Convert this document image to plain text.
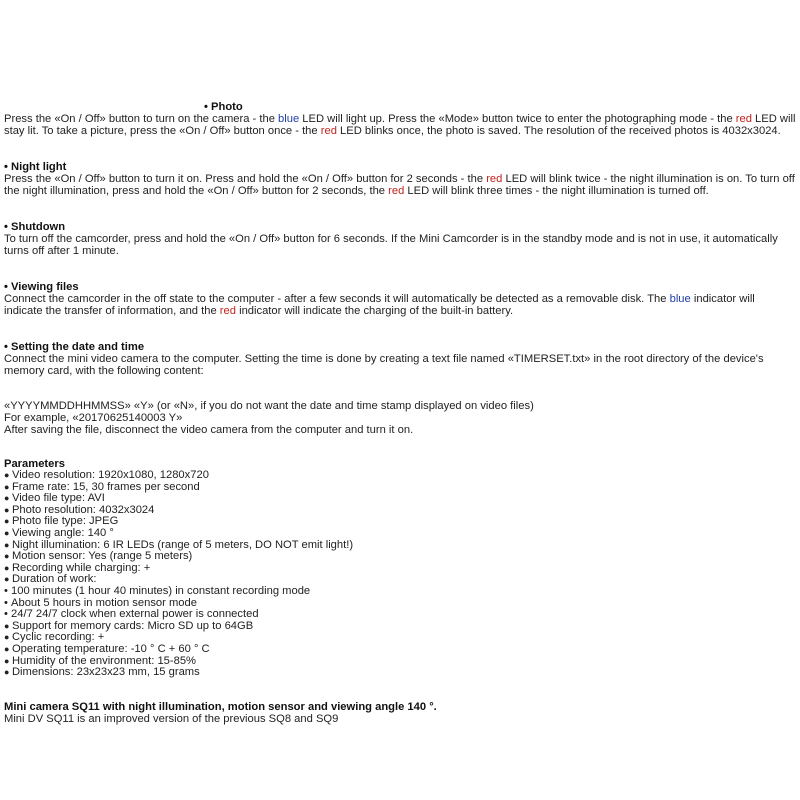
• Photo

Press the «On / Off» button to turn on the camera - the blue LED will light up. Press the «Mode» button twice to enter the photographing mode - the red LED will stay lit. To take a picture, press the «On / Off» button once - the red LED blinks once, the photo is saved. The resolution of the received photos is 4032x3024.

• Night light

Press the «On / Off» button to turn it on. Press and hold the «On / Off» button for 2 seconds - the red LED will blink twice - the night illumination is on. To turn off the night illumination, press and hold the «On / Off» button for 2 seconds, the red LED will blink three times - the night illumination is turned off.

• Shutdown

To turn off the camcorder, press and hold the «On / Off» button for 6 seconds. If the Mini Camcorder is in the standby mode and is not in use, it automatically turns off after 1 minute.

• Viewing files

Connect the camcorder in the off state to the computer - after a few seconds it will automatically be detected as a removable disk. The blue indicator will indicate the transfer of information, and the red indicator will indicate the charging of the built-in battery.

• Setting the date and time

Connect the mini video camera to the computer. Setting the time is done by creating a text file named «TIMERSET.txt» in the root directory of the device's memory card, with the following content:

«YYYYMMDDHHMMSS» «Y» (or «N», if you do not want the date and time stamp displayed on video files)

For example, «20170625140003 Y»

After saving the file, disconnect the video camera from the computer and turn it on.

Parameters
● Video resolution: 1920x1080, 1280x720
● Frame rate: 15, 30 frames per second
● Video file type: AVI
● Photo resolution: 4032x3024
● Photo file type: JPEG
● Viewing angle: 140 °
● Night illumination: 6 IR LEDs (range of 5 meters, DO NOT emit light!)
● Motion sensor: Yes (range 5 meters)
● Recording while charging: +
● Duration of work:
• 100 minutes (1 hour 40 minutes) in constant recording mode
• About 5 hours in motion sensor mode
• 24/7 24/7 clock when external power is connected
● Support for memory cards: Micro SD up to 64GB
● Cyclic recording: +
● Operating temperature: -10 ° C + 60 ° C
● Humidity of the environment: 15-85%
● Dimensions: 23x23x23 mm, 15 grams
Mini camera SQ11 with night illumination, motion sensor and viewing angle 140 °.

Mini DV SQ11 is an improved version of the previous SQ8 and SQ9
